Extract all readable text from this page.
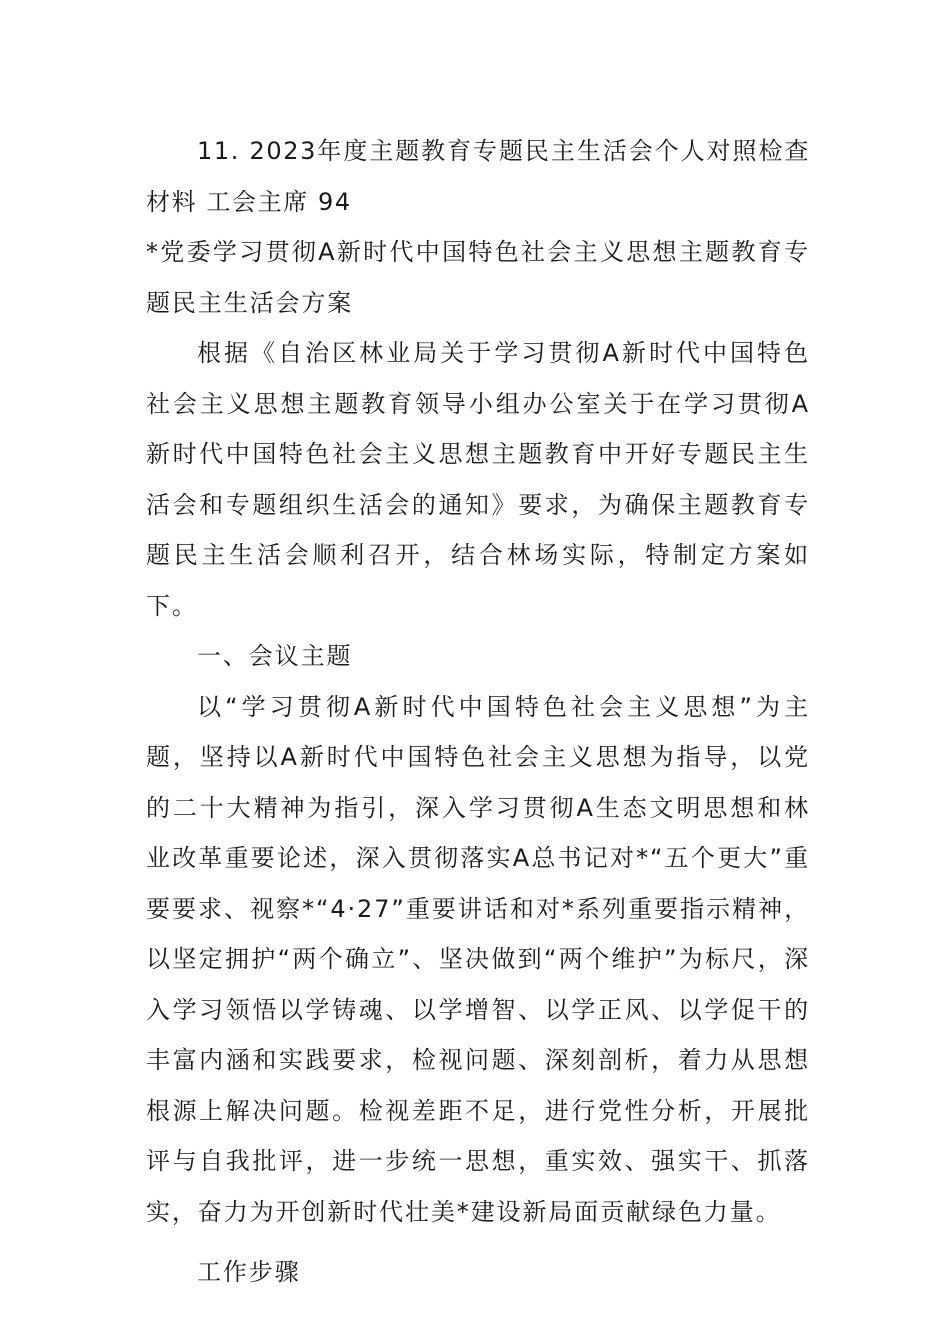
11. 2023年度主题教育专题民主生活会个人对照检查材料 工会主席 94

*党委学习贯彻A新时代中国特色社会主义思想主题教育专题民主生活会方案

根据《自治区林业局关于学习贯彻A新时代中国特色社会主义思想主题教育领导小组办公室关于在学习贯彻A新时代中国特色社会主义思想主题教育中开好专题民主生活会和专题组织生活会的通知》要求，为确保主题教育专题民主生活会顺利召开，结合林场实际，特制定方案如下。

一、会议主题

以“学习贯彻A新时代中国特色社会主义思想”为主题，坚持以A新时代中国特色社会主义思想为指导，以党的二十大精神为指引，深入学习贯彻A生态文明思想和林业改革重要论述，深入贯彻落实A总书记对*“五个更大”重要要求、视察*“4·27”重要讲话和对*系列重要指示精神，以坚定拥护“两个确立”、坚决做到“两个维护”为标尺，深入学习领悟以学铸魂、以学增智、以学正风、以学促干的丰富内涵和实践要求，检视问题、深刻剖析，着力从思想根源上解决问题。检视差距不足，进行党性分析，开展批评与自我批评，进一步统一思想，重实效、强实干、抓落实，奋力为开创新时代壮美*建设新局面贡献绿色力量。

工作步骤
